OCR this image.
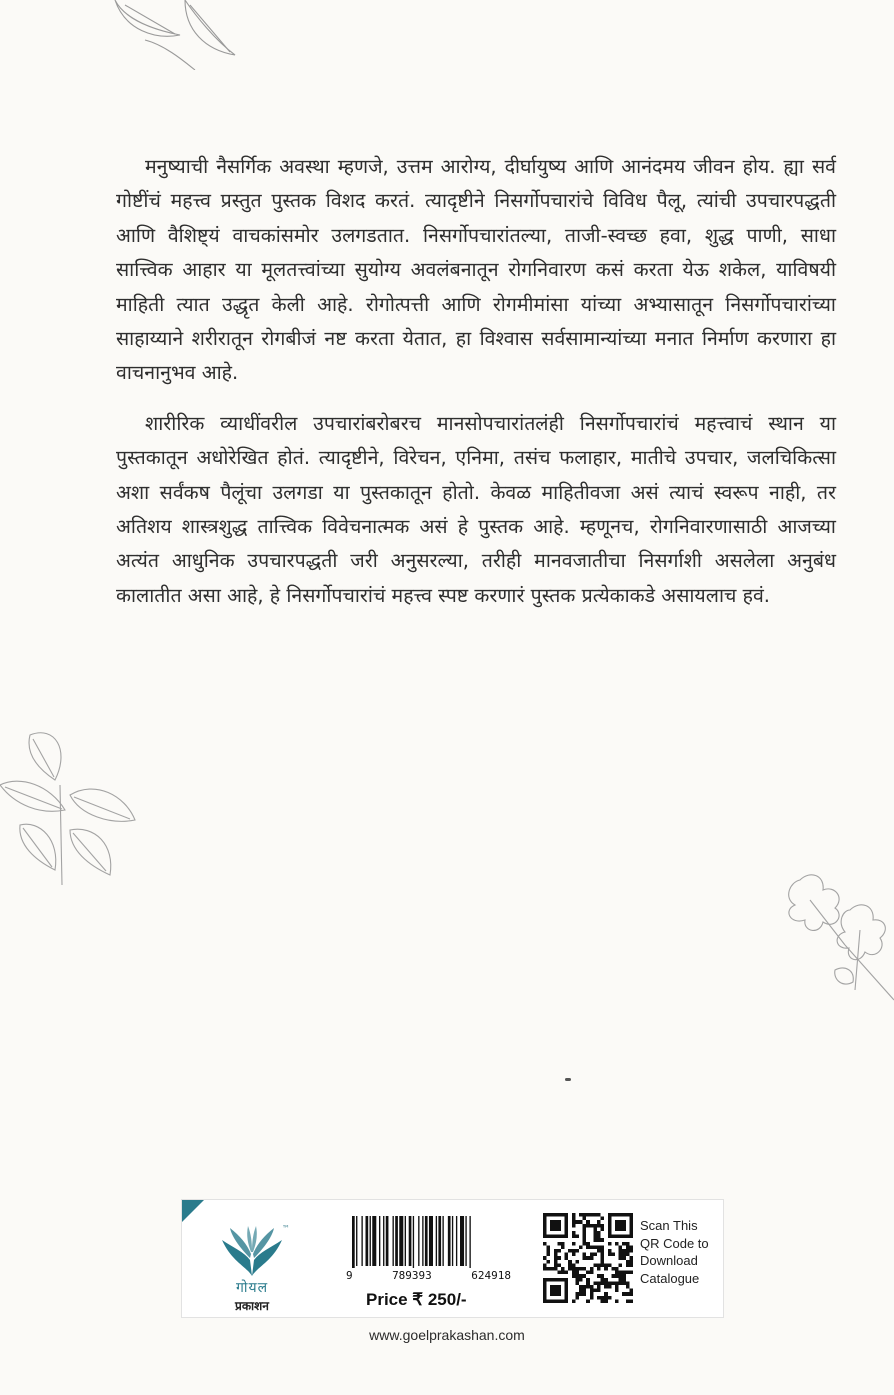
मनुष्याची नैसर्गिक अवस्था म्हणजे, उत्तम आरोग्य, दीर्घायुष्य आणि आनंदमय जीवन होय. ह्या सर्व गोष्टींचं महत्त्व प्रस्तुत पुस्तक विशद करतं. त्यादृष्टीने निसर्गोपचारांचे विविध पैलू, त्यांची उपचारपद्धती आणि वैशिष्ट्यं वाचकांसमोर उलगडतात. निसर्गोपचारांतल्या, ताजी-स्वच्छ हवा, शुद्ध पाणी, साधा सात्त्विक आहार या मूलतत्त्वांच्या सुयोग्य अवलंबनातून रोगनिवारण कसं करता येऊ शकेल, याविषयी माहिती त्यात उद्धृत केली आहे. रोगोत्पत्ती आणि रोगमीमांसा यांच्या अभ्यासातून निसर्गोपचारांच्या साहाय्याने शरीरातून रोगबीजं नष्ट करता येतात, हा विश्वास सर्वसामान्यांच्या मनात निर्माण करणारा हा वाचनानुभव आहे.

शारीरिक व्याधींवरील उपचारांबरोबरच मानसोपचारांतलंही निसर्गोपचारांचं महत्त्वाचं स्थान या पुस्तकातून अधोरेखित होतं. त्यादृष्टीने, विरेचन, एनिमा, तसंच फलाहार, मातीचे उपचार, जलचिकित्सा अशा सर्वंकष पैलूंचा उलगडा या पुस्तकातून होतो. केवळ माहितीवजा असं त्याचं स्वरूप नाही, तर अतिशय शास्त्रशुद्ध तात्त्विक विवेचनात्मक असं हे पुस्तक आहे. म्हणूनच, रोगनिवारणासाठी आजच्या अत्यंत आधुनिक उपचारपद्धती जरी अनुसरल्या, तरीही मानवजातीचा निसर्गाशी असलेला अनुबंध कालातीत असा आहे, हे निसर्गोपचारांचं महत्त्व स्पष्ट करणारं पुस्तक प्रत्येकाकडे असायलाच हवं.

™
गोयल
प्रकाशन
9	789393	624918
Price ₹ 250/-
Scan This
QR Code to
Download
Catalogue
www.goelprakashan.com
